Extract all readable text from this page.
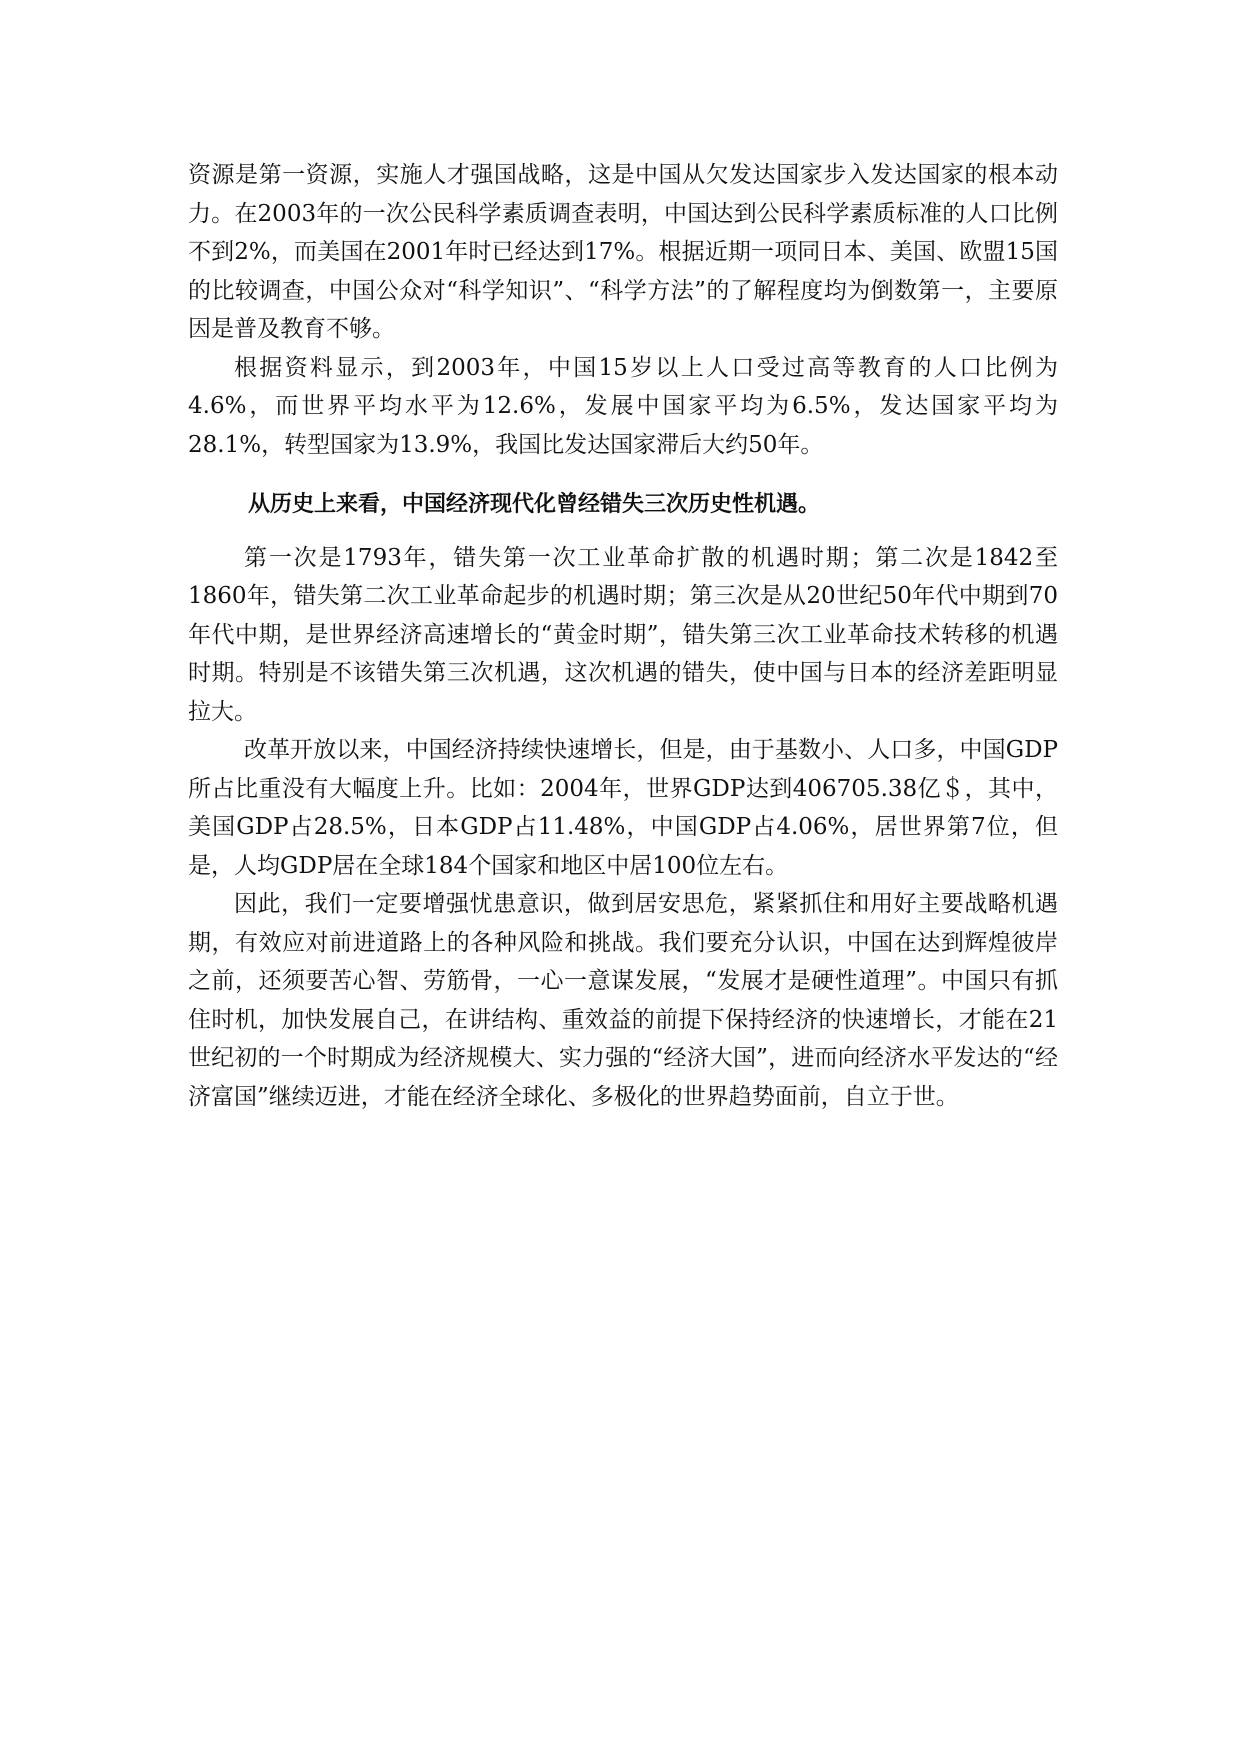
资源是第一资源，实施人才强国战略，这是中国从欠发达国家步入发达国家的根本动力。在2003年的一次公民科学素质调查表明，中国达到公民科学素质标准的人口比例不到2%，而美国在2001年时已经达到17%。根据近期一项同日本、美国、欧盟15国的比较调查，中国公众对“科学知识”、“科学方法”的了解程度均为倒数第一，主要原因是普及教育不够。

根据资料显示，到2003年，中国15岁以上人口受过高等教育的人口比例为4.6%，而世界平均水平为12.6%，发展中国家平均为6.5%，发达国家平均为28.1%，转型国家为13.9%，我国比发达国家滞后大约50年。

从历史上来看，中国经济现代化曾经错失三次历史性机遇。

第一次是1793年，错失第一次工业革命扩散的机遇时期；第二次是1842至1860年，错失第二次工业革命起步的机遇时期；第三次是从20世纪50年代中期到70年代中期，是世界经济高速增长的“黄金时期”，错失第三次工业革命技术转移的机遇时期。特别是不该错失第三次机遇，这次机遇的错失，使中国与日本的经济差距明显拉大。

改革开放以来，中国经济持续快速增长，但是，由于基数小、人口多，中国GDP所占比重没有大幅度上升。比如：2004年，世界GDP达到406705.38亿＄，其中，美国GDP占28.5%，日本GDP占11.48%，中国GDP占4.06%，居世界第7位，但是，人均GDP居在全球184个国家和地区中居100位左右。

因此，我们一定要增强忧患意识，做到居安思危，紧紧抓住和用好主要战略机遇期，有效应对前进道路上的各种风险和挑战。我们要充分认识，中国在达到辉煌彼岸之前，还须要苦心智、劳筋骨，一心一意谋发展，“发展才是硬性道理”。中国只有抓住时机，加快发展自己，在讲结构、重效益的前提下保持经济的快速增长，才能在21世纪初的一个时期成为经济规模大、实力强的“经济大国”，进而向经济水平发达的“经济富国”继续迈进，才能在经济全球化、多极化的世界趋势面前，自立于世。
